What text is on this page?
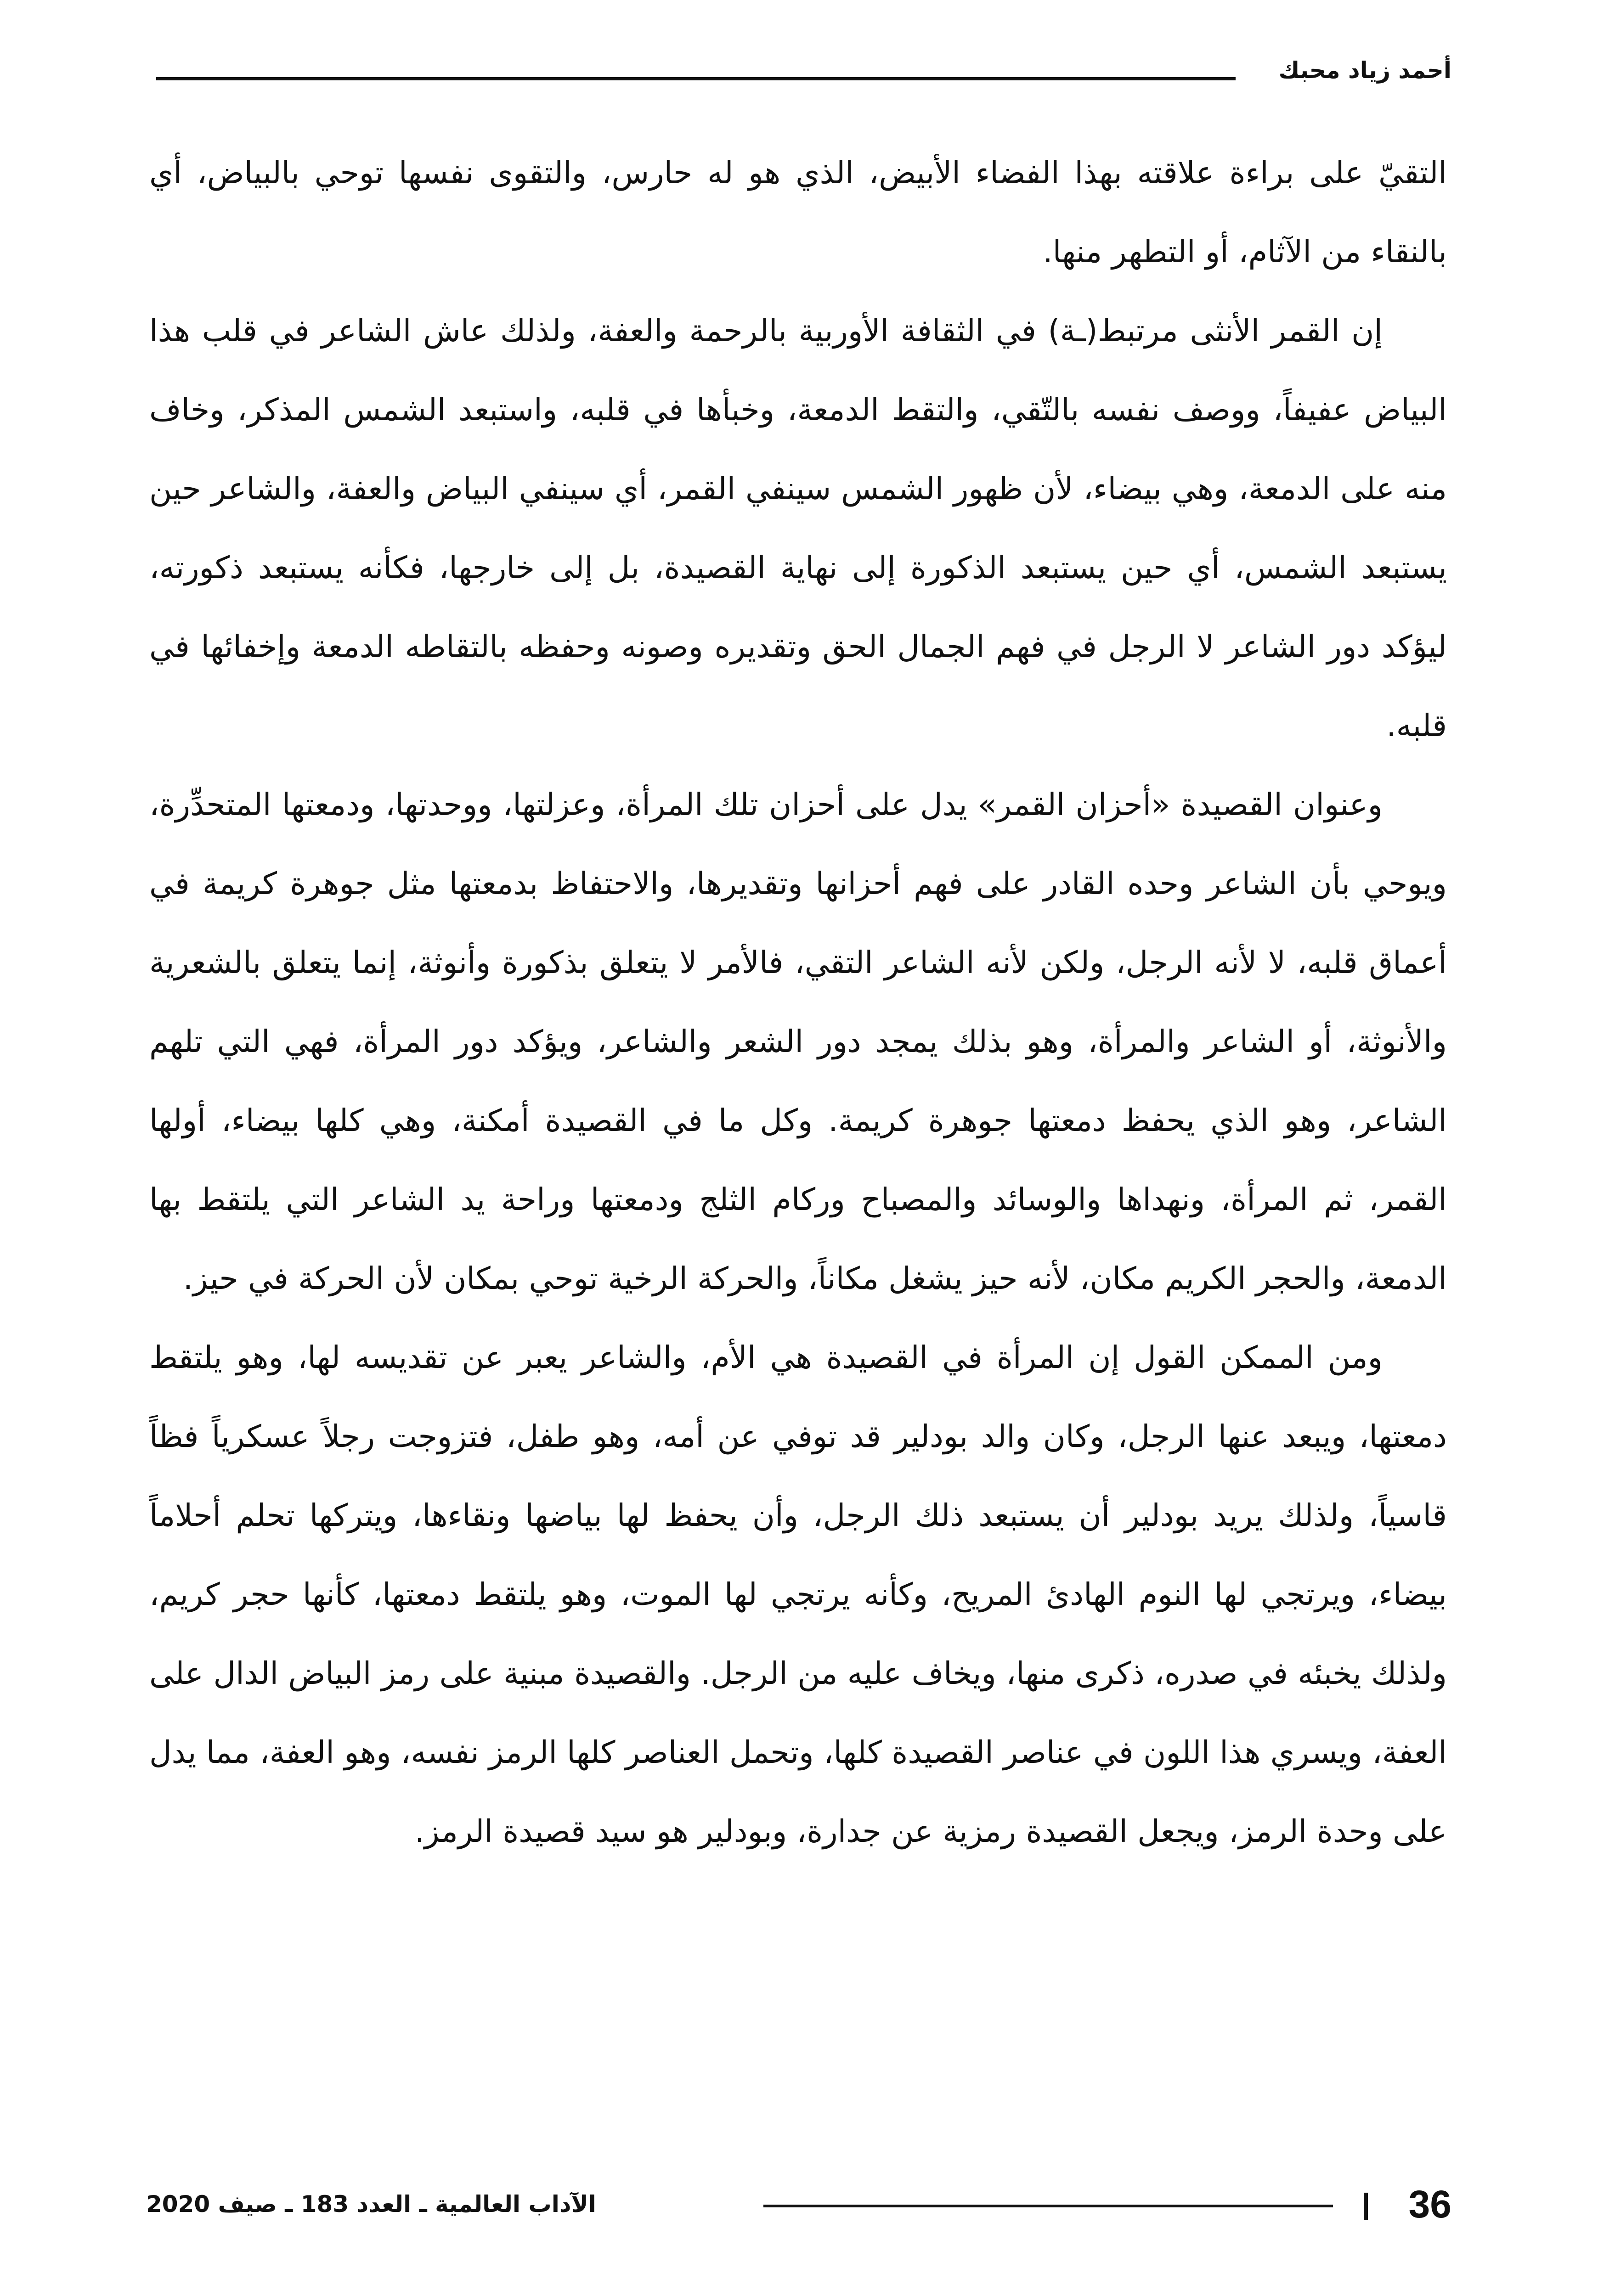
أحمد زياد محبك

التقيّ على براءة علاقته بهذا الفضاء الأبيض، الذي هو له حارس، والتقوى نفسها توحي بالبياض، أي بالنقاء من الآثام، أو التطهر منها.

إن القمر الأنثى مرتبط(ـة) في الثقافة الأوربية بالرحمة والعفة، ولذلك عاش الشاعر في قلب هذا البياض عفيفاً، ووصف نفسه بالتّقي، والتقط الدمعة، وخبأها في قلبه، واستبعد الشمس المذكر، وخاف منه على الدمعة، وهي بيضاء، لأن ظهور الشمس سينفي القمر، أي سينفي البياض والعفة، والشاعر حين يستبعد الشمس، أي حين يستبعد الذكورة إلى نهاية القصيدة، بل إلى خارجها، فكأنه يستبعد ذكورته، ليؤكد دور الشاعر لا الرجل في فهم الجمال الحق وتقديره وصونه وحفظه بالتقاطه الدمعة وإخفائها في قلبه.

وعنوان القصيدة «أحزان القمر» يدل على أحزان تلك المرأة، وعزلتها، ووحدتها، ودمعتها المتحدِّرة، ويوحي بأن الشاعر وحده القادر على فهم أحزانها وتقديرها، والاحتفاظ بدمعتها مثل جوهرة كريمة في أعماق قلبه، لا لأنه الرجل، ولكن لأنه الشاعر التقي، فالأمر لا يتعلق بذكورة وأنوثة، إنما يتعلق بالشعرية والأنوثة، أو الشاعر والمرأة، وهو بذلك يمجد دور الشعر والشاعر، ويؤكد دور المرأة، فهي التي تلهم الشاعر، وهو الذي يحفظ دمعتها جوهرة كريمة. وكل ما في القصيدة أمكنة، وهي كلها بيضاء، أولها القمر، ثم المرأة، ونهداها والوسائد والمصباح وركام الثلج ودمعتها وراحة يد الشاعر التي يلتقط بها الدمعة، والحجر الكريم مكان، لأنه حيز يشغل مكاناً، والحركة الرخية توحي بمكان لأن الحركة في حيز.

ومن الممكن القول إن المرأة في القصيدة هي الأم، والشاعر يعبر عن تقديسه لها، وهو يلتقط دمعتها، ويبعد عنها الرجل، وكان والد بودلير قد توفي عن أمه، وهو طفل، فتزوجت رجلاً عسكرياً فظاً قاسياً، ولذلك يريد بودلير أن يستبعد ذلك الرجل، وأن يحفظ لها بياضها ونقاءها، ويتركها تحلم أحلاماً بيضاء، ويرتجي لها النوم الهادئ المريح، وكأنه يرتجي لها الموت، وهو يلتقط دمعتها، كأنها حجر كريم، ولذلك يخبئه في صدره، ذكرى منها، ويخاف عليه من الرجل. والقصيدة مبنية على رمز البياض الدال على العفة، ويسري هذا اللون في عناصر القصيدة كلها، وتحمل العناصر كلها الرمز نفسه، وهو العفة، مما يدل على وحدة الرمز، ويجعل القصيدة رمزية عن جدارة، وبودلير هو سيد قصيدة الرمز.

36
الآداب العالمية ـ العدد 183 ـ صيف 2020
